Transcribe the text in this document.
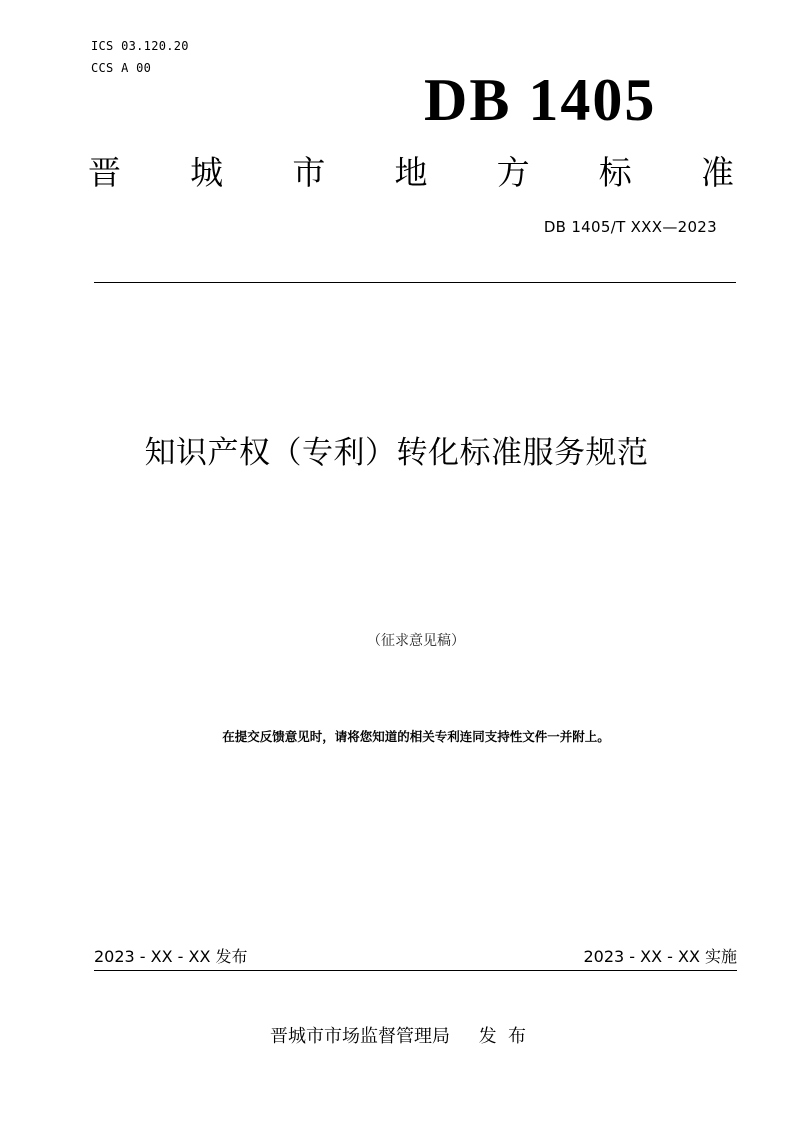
ICS 03.120.20
CCS A 00	DB 1405
晋 城 市 地 方 标 准
DB 1405/T XXX—2023
知识产权（专利）转化标准服务规范
（征求意见稿）
在提交反馈意见时，请将您知道的相关专利连同支持性文件一并附上。
2023 - XX - XX 发布	2023 - XX - XX 实施
晋城市市场监督管理局     发  布
